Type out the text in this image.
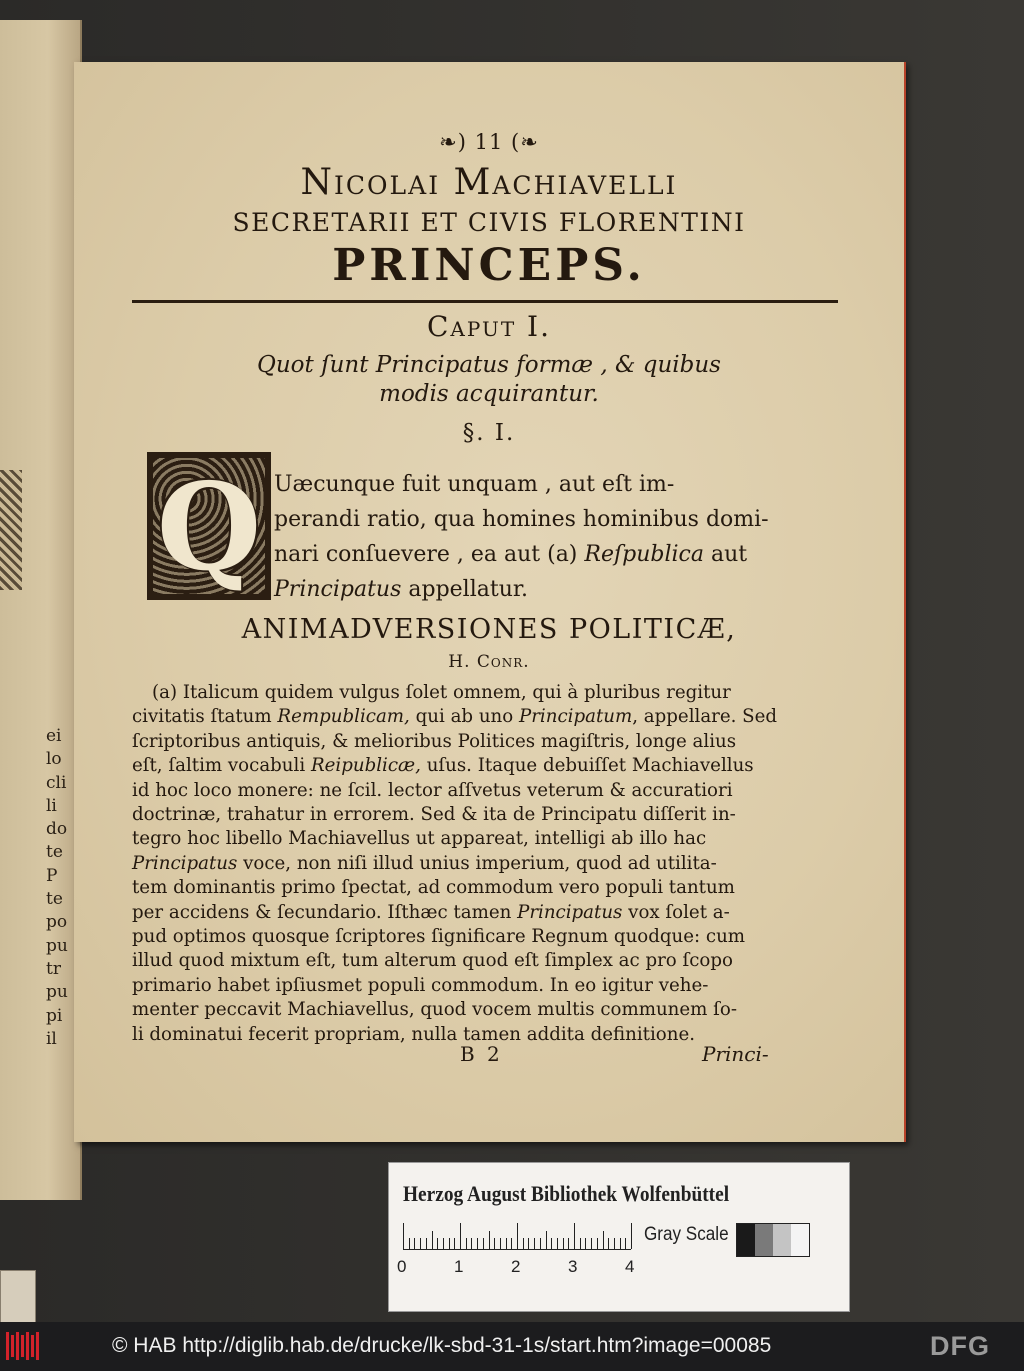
ei
lo
cli
li
do
te
P
te
po
pu
tr
pu
pi
il
❧) 11 (❧
Nicolai Machiavelli
SECRETARII ET CIVIS FLORENTINI
PRINCEPS.
Caput I.
Quot ſunt Principatus formæ , & quibus
modis acquirantur.
§. I.
Q Uæcunque fuit unquam , aut eſt im-
perandi ratio, qua homines hominibus domi-
nari conſuevere , ea aut (a) Reſpublica aut
Principatus appellatur.
ANIMADVERSIONES POLITICÆ,
H. Conr.
(a) Italicum quidem vulgus ſolet omnem, qui à pluribus regitur
civitatis ſtatum Rempublicam, qui ab uno Principatum, appellare. Sed
ſcriptoribus antiquis, & melioribus Politices magiſtris, longe alius
eſt, ſaltim vocabuli Reipublicæ, uſus. Itaque debuiſſet Machiavellus
id hoc loco monere: ne ſcil. lector aſſvetus veterum & accuratiori
doctrinæ, trahatur in errorem. Sed & ita de Principatu diſſerit in-
tegro hoc libello Machiavellus ut appareat, intelligi ab illo hac
Principatus voce, non niſi illud unius imperium, quod ad utilita-
tem dominantis primo ſpectat, ad commodum vero populi tantum
per accidens & ſecundario. Iſthæc tamen Principatus vox ſolet a-
pud optimos quosque ſcriptores ſignificare Regnum quodque: cum
illud quod mixtum eſt, tum alterum quod eſt ſimplex ac pro ſcopo
primario habet ipſiusmet populi commodum. In eo igitur vehe-
menter peccavit Machiavellus, quod vocem multis communem ſo-
li dominatui fecerit propriam, nulla tamen addita definitione.
B 2	Princi-
Herzog August Bibliothek Wolfenbüttel
0	1	2	3	4
Gray Scale
© HAB http://diglib.hab.de/drucke/lk-sbd-31-1s/start.htm?image=00085	DFG
